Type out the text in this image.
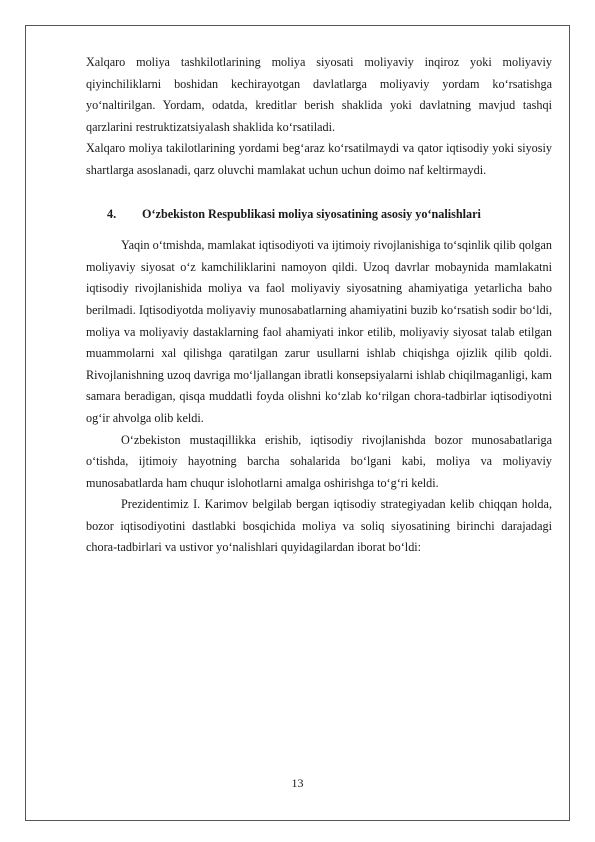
Xalqaro moliya tashkilotlarining moliya siyosati moliyaviy inqiroz yoki moliyaviy qiyinchiliklarni boshidan kechirayotgan davlatlarga moliyaviy yordam ko‘rsatishga yo‘naltirilgan. Yordam, odatda, kreditlar berish shaklida yoki davlatning mavjud tashqi qarzlarini restruktizatsiyalash shaklida ko‘rsatiladi.

Xalqaro moliya takilotlarining yordami beg‘araz ko‘rsatilmaydi va qator iqtisodiy yoki siyosiy shartlarga asoslanadi, qarz oluvchi mamlakat uchun uchun doimo naf keltirmaydi.

4. O‘zbekiston Respublikasi moliya siyosatining asosiy yo‘nalishlari

Yaqin o‘tmishda, mamlakat iqtisodiyoti va ijtimoiy rivojlanishiga to‘sqinlik qilib qolgan moliyaviy siyosat o‘z kamchiliklarini namoyon qildi. Uzoq davrlar mobaynida mamlakatni iqtisodiy rivojlanishida moliya va faol moliyaviy siyosatning ahamiyatiga yetarlicha baho berilmadi. Iqtisodiyotda moliyaviy munosabatlarning ahamiyatini buzib ko‘rsatish sodir bo‘ldi, moliya va moliyaviy dastaklarning faol ahamiyati inkor etilib, moliyaviy siyosat talab etilgan muammolarni xal qilishga qaratilgan zarur usullarni ishlab chiqishga ojizlik qilib qoldi. Rivojlanishning uzoq davriga mo‘ljallangan ibratli konsepsiyalarni ishlab chiqilmaganligi, kam samara beradigan, qisqa muddatli foyda olishni ko‘zlab ko‘rilgan chora-tadbirlar iqtisodiyotni og‘ir ahvolga olib keldi.

O‘zbekiston mustaqillikka erishib, iqtisodiy rivojlanishda bozor munosabatlariga o‘tishda, ijtimoiy hayotning barcha sohalarida bo‘lgani kabi, moliya va moliyaviy munosabatlarda ham chuqur islohotlarni amalga oshirishga to‘g‘ri keldi.

Prezidentimiz I. Karimov belgilab bergan iqtisodiy strategiyadan kelib chiqqan holda, bozor iqtisodiyotini dastlabki bosqichida moliya va soliq siyosatining birinchi darajadagi chora-tadbirlari va ustivor yo‘nalishlari quyidagilardan iborat bo‘ldi:

13
